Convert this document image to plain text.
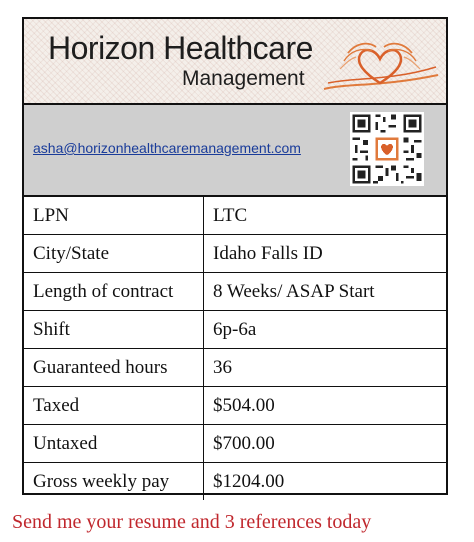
Horizon Healthcare
Management
asha@horizonhealthcaremanagement.com
LPN	LTC
City/State	Idaho Falls ID
Length of contract	8 Weeks/ ASAP Start
Shift	6p-6a
Guaranteed hours	36
Taxed	$504.00
Untaxed	$700.00
Gross weekly pay	$1204.00
Send me your resume and 3 references today
